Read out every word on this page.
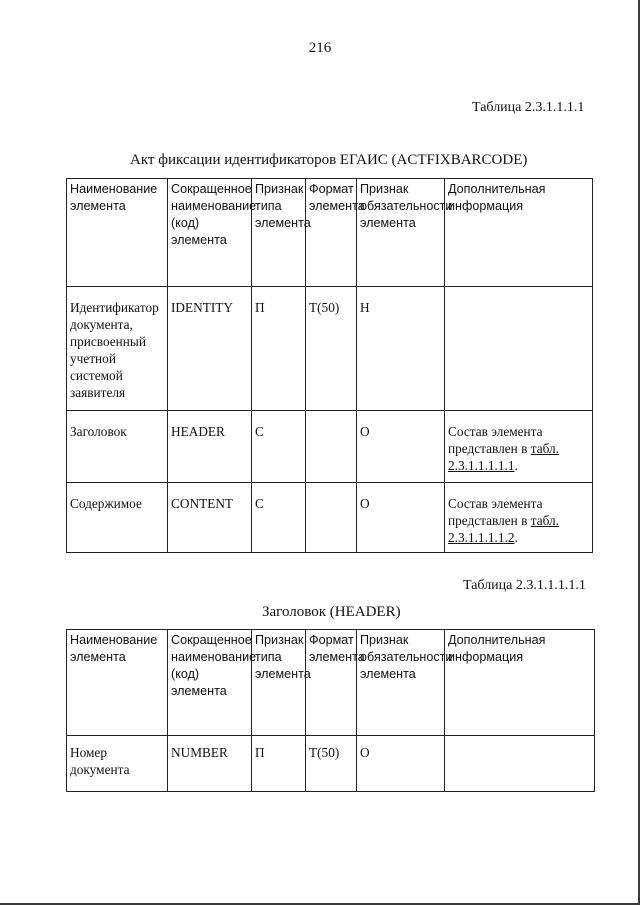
216
Таблица 2.3.1.1.1.1
Акт фиксации идентификаторов ЕГАИС (ACTFIXBARCODE)
Наименование элемента	Сокращенное наименование (код) элемента	Признак типа элемента	Формат элемента	Признак обязательности элемента	Дополнительная информация
Идентификатор документа, присвоенный учетной системой заявителя	IDENTITY	П	Т(50)	Н	
Заголовок	HEADER	С		О	Состав элемента представлен в табл. 2.3.1.1.1.1.1.
Содержимое	CONTENT	С		О	Состав элемента представлен в табл. 2.3.1.1.1.1.2.
Таблица 2.3.1.1.1.1.1
Заголовок (HEADER)
Наименование элемента	Сокращенное наименование (код) элемента	Признак типа элемента	Формат элемента	Признак обязательности элемента	Дополнительная информация
Номер документа	NUMBER	П	Т(50)	О	
